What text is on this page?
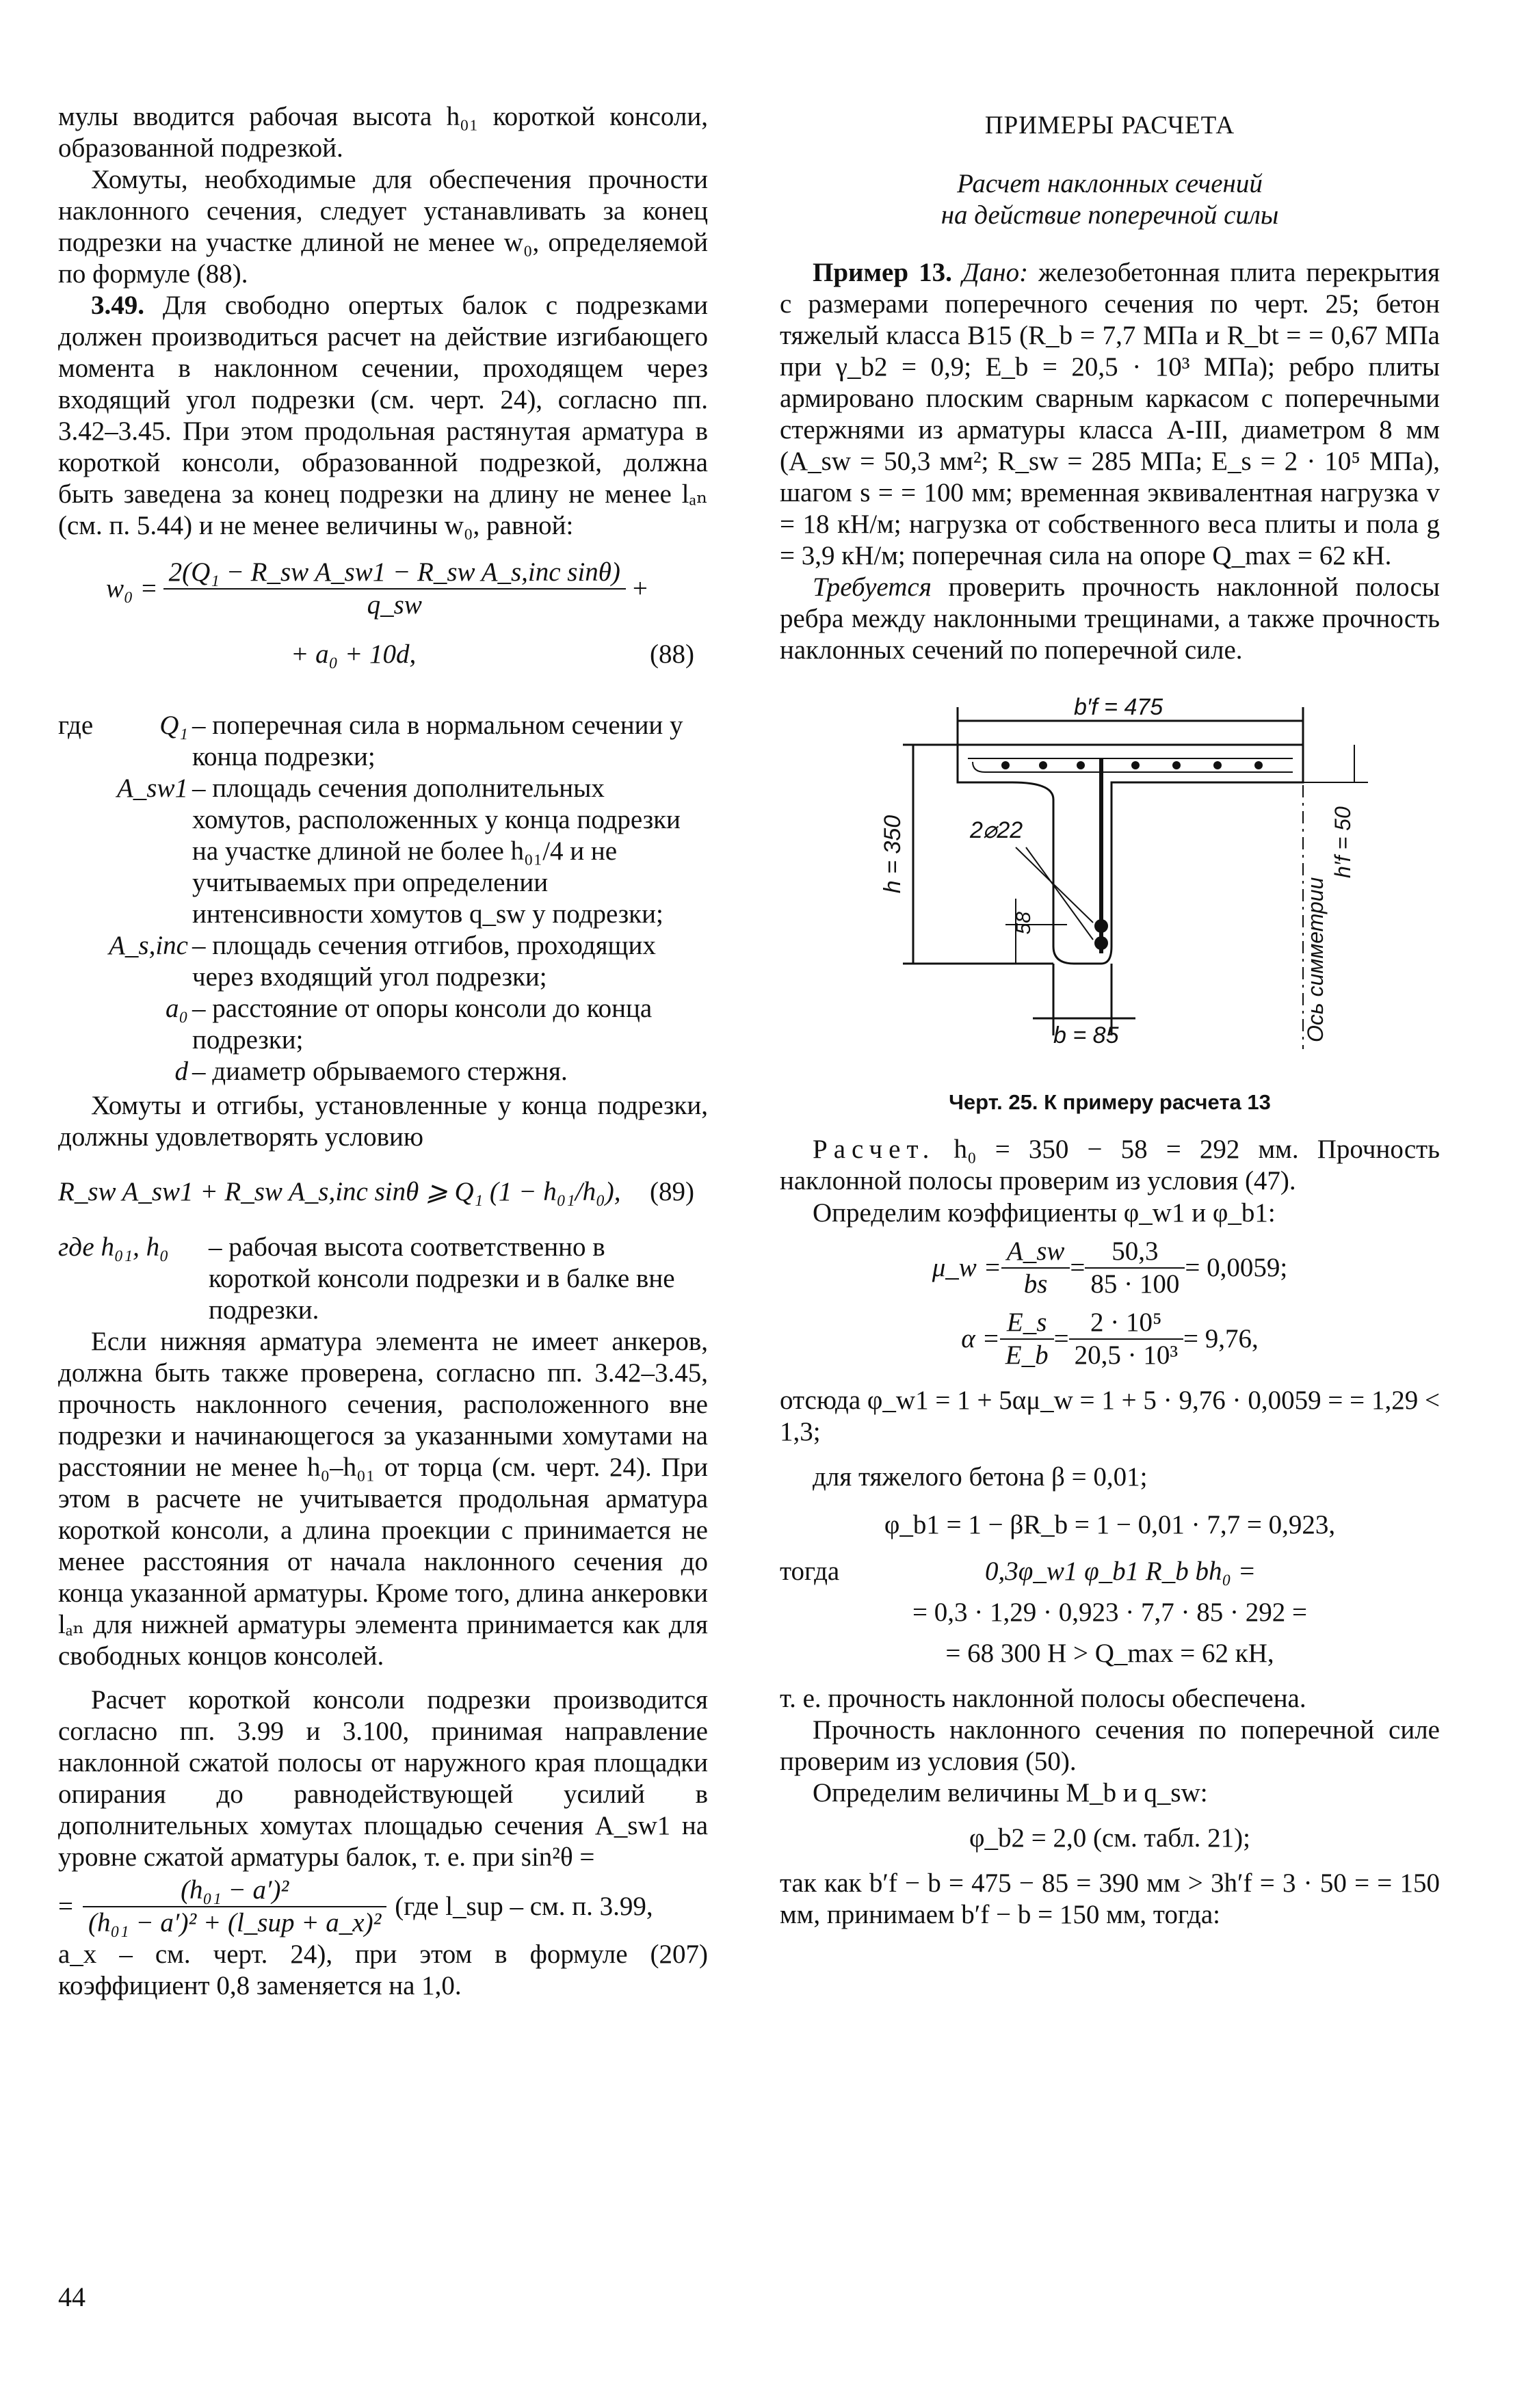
мулы вводится рабочая высота h₀₁ короткой консоли, образованной подрезкой.

Хомуты, необходимые для обеспечения прочности наклонного сечения, следует устанавливать за конец подрезки на участке длиной не менее w₀, определяемой по формуле (88).

3.49. Для свободно опертых балок с подрезками должен производиться расчет на действие изгибающего момента в наклонном сечении, проходящем через входящий угол подрезки (см. черт. 24), согласно пп. 3.42–3.45. При этом продольная растянутая арматура в короткой консоли, образованной подрезкой, должна быть заведена за конец подрезки на длину не менее lₐₙ (см. п. 5.44) и не менее величины w₀, равной:

$w_0 = \frac{\text{2(Q₁ − R\_sw A\_sw1 − R\_sw A\_s,inc sinθ)}}{q\_sw}$ +
+ a₀ + 10d,	(88)
где Q₁ – поперечная сила в нормальном сечении у конца подрезки;
A_sw1 – площадь сечения дополнительных хомутов, расположенных у конца подрезки на участке длиной не более h₀₁/4 и не учитываемых при определении интенсивности хомутов q_sw у подрезки;
A_s,inc – площадь сечения отгибов, проходящих через входящий угол подрезки;
a₀ – расстояние от опоры консоли до конца подрезки;
d – диаметр обрываемого стержня.

Хомуты и отгибы, установленные у конца подрезки, должны удовлетворять условию

R_sw A_sw1 + R_sw A_s,inc sinθ ⩾ Q₁ (1 − h₀₁/h₀), (89)
где h₀₁, h₀	– рабочая высота соответственно в короткой консоли подрезки и в балке вне подрезки.

Если нижняя арматура элемента не имеет анкеров, должна быть также проверена, согласно пп. 3.42–3.45, прочность наклонного сечения, расположенного вне подрезки и начинающегося за указанными хомутами на расстоянии не менее h₀–h₀₁ от торца (см. черт. 24). При этом в расчете не учитывается продольная арматура короткой консоли, а длина проекции c принимается не менее расстояния от начала наклонного сечения до конца указанной арматуры. Кроме того, длина анкеровки lₐₙ для нижней арматуры элемента принимается как для свободных концов консолей.

Расчет короткой консоли подрезки производится согласно пп. 3.99 и 3.100, принимая направление наклонной сжатой полосы от наружного края площадки опирания до равнодействующей усилий в дополнительных хомутах площадью сечения A_sw1 на уровне сжатой арматуры балок, т. е. при sin²θ =

= $\frac{\text{(h₀₁ − a′)²}}{\text{(h₀₁ − a′)² + (l\_sup + a\_x)²}} (где$ l_sup – см. п. 3.99,

a_x – см. черт. 24), при этом в формуле (207) коэффициент 0,8 заменяется на 1,0.

ПРИМЕРЫ РАСЧЕТА
Расчет наклонных сечений
на действие поперечной силы

Пример 13. Дано: железобетонная плита перекрытия с размерами поперечного сечения по черт. 25; бетон тяжелый класса B15 (R_b = 7,7 МПа и R_bt = = 0,67 МПа при γ_b2 = 0,9; E_b = 20,5 · 10³ МПа); ребро плиты армировано плоским сварным каркасом с поперечными стержнями из арматуры класса A-III, диаметром 8 мм (A_sw = 50,3 мм²; R_sw = 285 МПа; E_s = 2 · 10⁵ МПа), шагом s = = 100 мм; временная эквивалентная нагрузка v = 18 кН/м; нагрузка от собственного веса плиты и пола g = 3,9 кН/м; поперечная сила на опоре Q_max = 62 кН.

Требуется проверить прочность наклонной полосы ребра между наклонными трещинами, а также прочность наклонных сечений по поперечной силе.

b′f = 475
h = 350	2⌀22
58
b = 85
h′f = 50
Ось симметрии
Черт. 25. К примеру расчета 13

Расчет. h₀ = 350 − 58 = 292 мм. Прочность наклонной полосы проверим из условия (47).

Определим коэффициенты φ_w1 и φ_b1:

μ_w = $\frac{A\_sw}{bs} = \frac{50,3}{85 \cdot 100} = 0,0059$;
$\alpha = \frac{E\_s}{E\_b} = \frac{\text{2 · 10⁵}}{\text{20,5 · 10³}} = 9,76$,

отсюда φ_w1 = 1 + 5αμ_w = 1 + 5 · 9,76 · 0,0059 = = 1,29 < 1,3;

для тяжелого бетона β = 0,01;

φ_b1 = 1 − βR_b = 1 − 0,01 · 7,7 = 0,923,

тогда	0,3φ_w1 φ_b1 R_b bh₀ =

= 0,3 · 1,29 · 0,923 · 7,7 · 85 · 292 =

= 68 300 Н > Q_max = 62 кН,

т. е. прочность наклонной полосы обеспечена.

Прочность наклонного сечения по поперечной силе проверим из условия (50).

Определим величины M_b и q_sw:

φ_b2 = 2,0 (см. табл. 21);

так как b′f − b = 475 − 85 = 390 мм > 3h′f = 3 · 50 = = 150 мм, принимаем b′f − b = 150 мм, тогда:

44
